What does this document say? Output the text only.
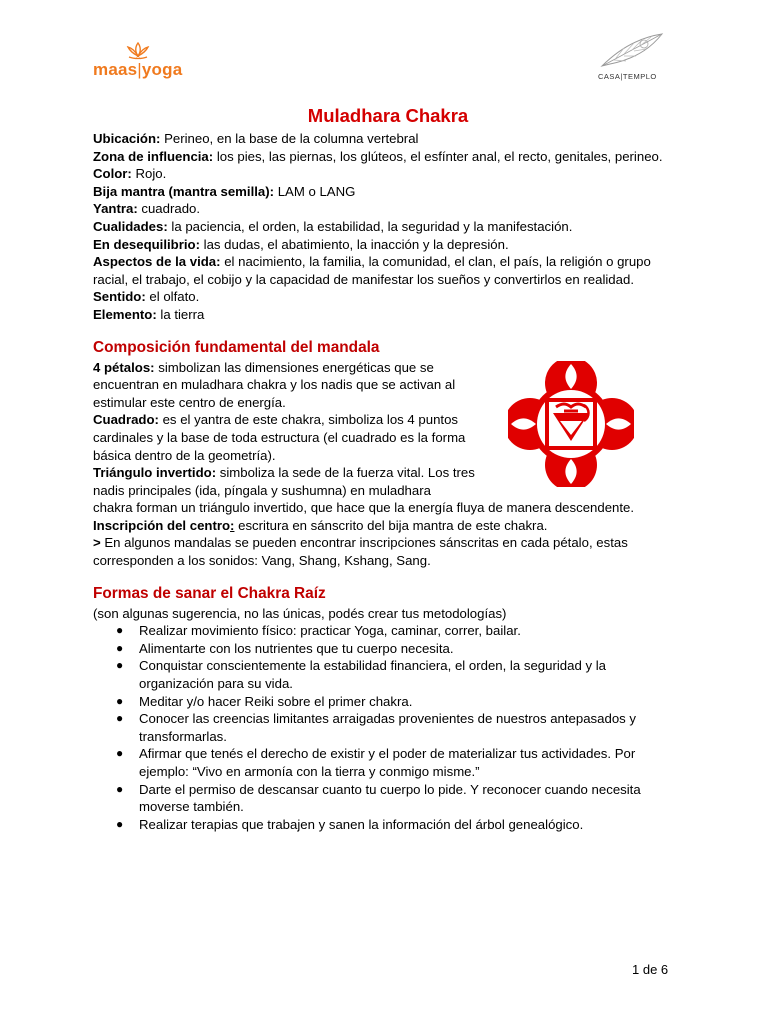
maas|yoga	CASA|TEMPLO
Muladhara Chakra

Ubicación: Perineo, en la base de la columna vertebral

Zona de influencia: los pies, las piernas, los glúteos, el esfínter anal, el recto, genitales, perineo.

Color: Rojo.

Bija mantra (mantra semilla): LAM o LANG

Yantra: cuadrado.

Cualidades: la paciencia, el orden, la estabilidad, la seguridad y la manifestación.

En desequilibrio: las dudas, el abatimiento, la inacción y la depresión.

Aspectos de la vida: el nacimiento, la familia, la comunidad, el clan, el país, la religión o grupo racial, el trabajo, el cobijo y la capacidad de manifestar los sueños y convertirlos en realidad.

Sentido: el olfato.

Elemento: la tierra

Composición fundamental del mandala

4 pétalos: simbolizan las dimensiones energéticas que se encuentran en muladhara chakra y los nadis que se activan al estimular este centro de energía.

Cuadrado: es el yantra de este chakra, simboliza los 4 puntos cardinales y la base de toda estructura (el cuadrado es la forma básica dentro de la geometría).

Triángulo invertido: simboliza la sede de la fuerza vital. Los tres nadis principales (ida, píngala y sushumna) en muladhara

chakra forman un triángulo invertido, que hace que la energía fluya de manera descendente.

Inscripción del centro: escritura en sánscrito del bija mantra de este chakra.

> En algunos mandalas se pueden encontrar inscripciones sánscritas en cada pétalo, estas corresponden a los sonidos: Vang, Shang, Kshang, Sang.

Formas de sanar el Chakra Raíz

(son algunas sugerencia, no las únicas, podés crear tus metodologías)

● Realizar movimiento físico: practicar Yoga, caminar, correr, bailar.
● Alimentarte con los nutrientes que tu cuerpo necesita.
● Conquistar conscientemente la estabilidad financiera, el orden, la seguridad y la organización para su vida.
● Meditar y/o hacer Reiki sobre el primer chakra.
● Conocer las creencias limitantes arraigadas provenientes de nuestros antepasados y transformarlas.
● Afirmar que tenés el derecho de existir y el poder de materializar tus actividades. Por ejemplo: “Vivo en armonía con la tierra y conmigo misme.”
● Darte el permiso de descansar cuanto tu cuerpo lo pide. Y reconocer cuando necesita moverse también.
● Realizar terapias que trabajen y sanen la información del árbol genealógico.
1 de 6
